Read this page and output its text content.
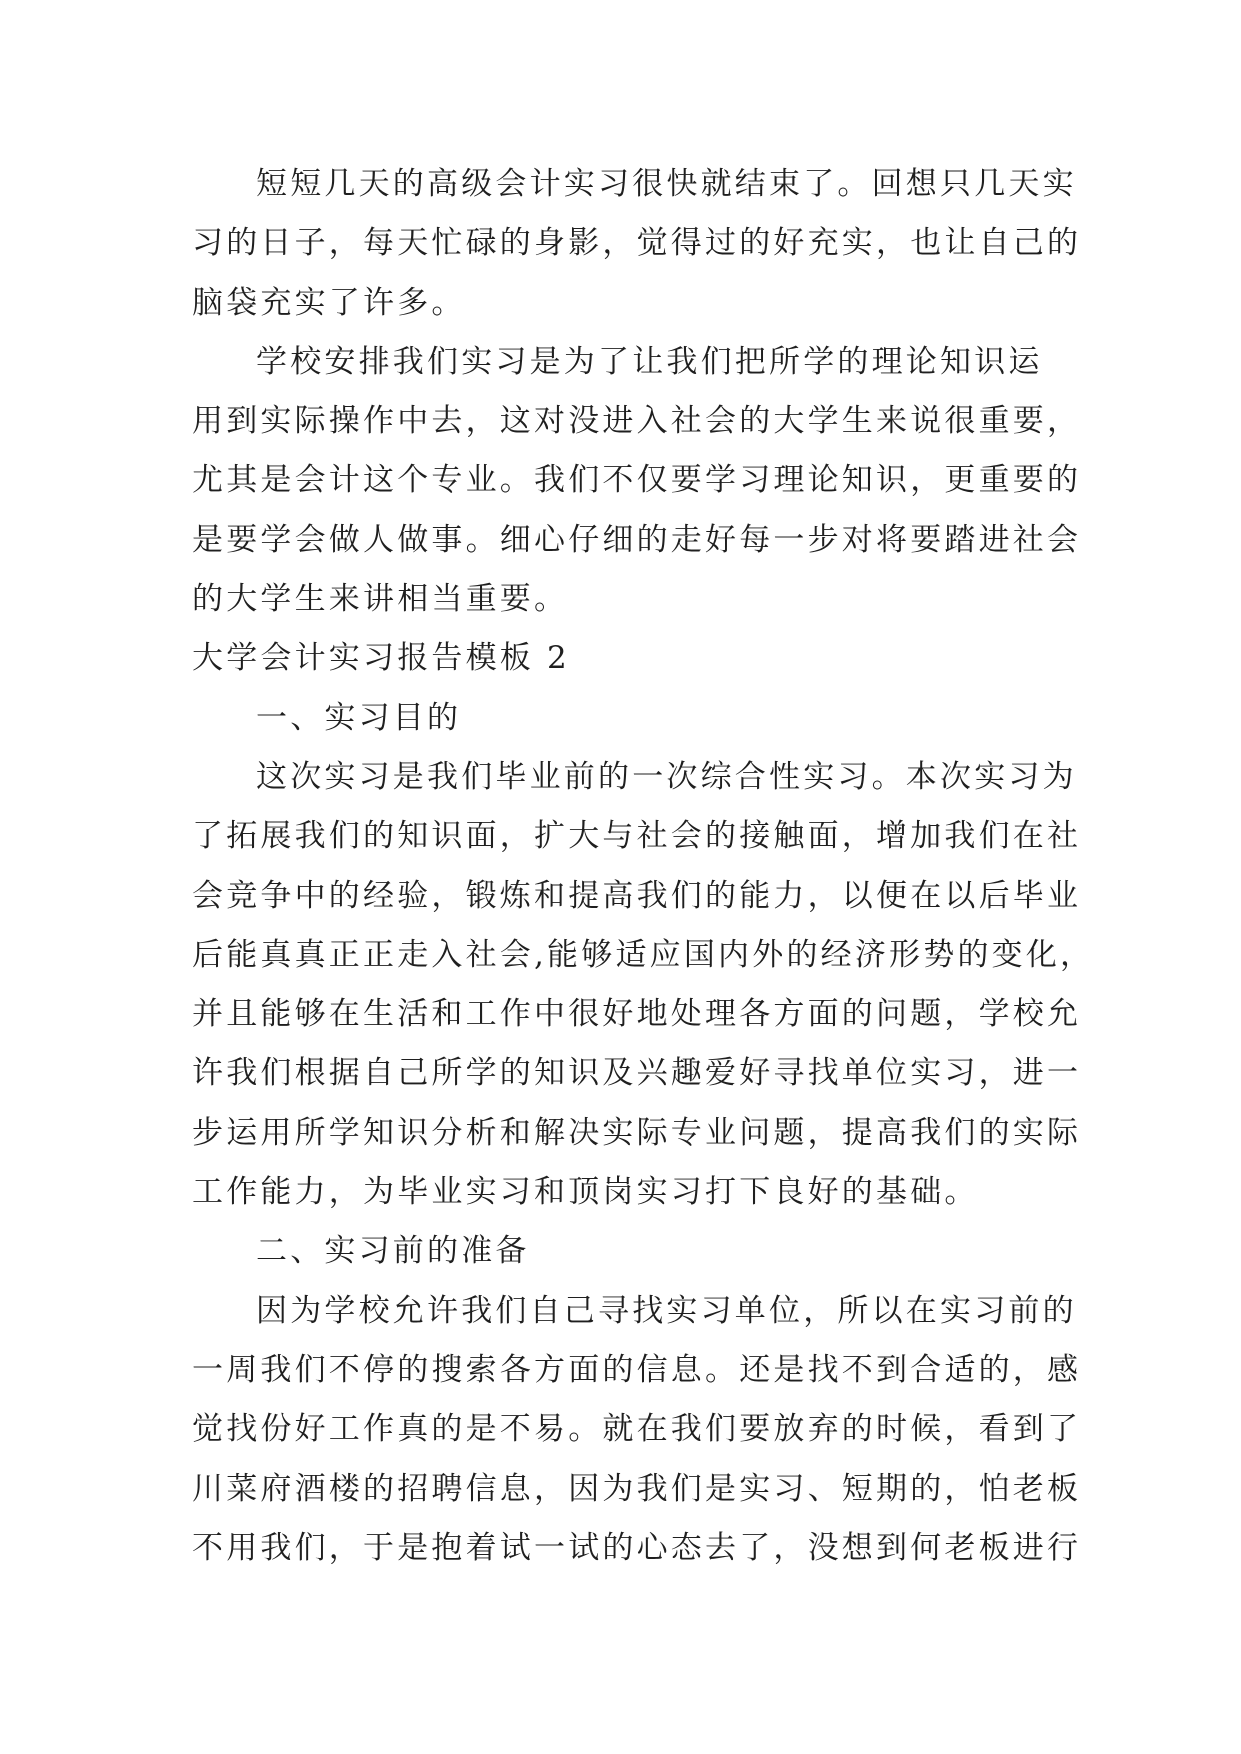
短短几天的高级会计实习很快就结束了。回想只几天实
习的日子，每天忙碌的身影，觉得过的好充实，也让自己的
脑袋充实了许多。
学校安排我们实习是为了让我们把所学的理论知识运
用到实际操作中去，这对没进入社会的大学生来说很重要，
尤其是会计这个专业。我们不仅要学习理论知识，更重要的
是要学会做人做事。细心仔细的走好每一步对将要踏进社会
的大学生来讲相当重要。
大学会计实习报告模板 2
一、实习目的
这次实习是我们毕业前的一次综合性实习。本次实习为
了拓展我们的知识面，扩大与社会的接触面，增加我们在社
会竞争中的经验，锻炼和提高我们的能力，以便在以后毕业
后能真真正正走入社会,能够适应国内外的经济形势的变化，
并且能够在生活和工作中很好地处理各方面的问题，学校允
许我们根据自己所学的知识及兴趣爱好寻找单位实习，进一
步运用所学知识分析和解决实际专业问题，提高我们的实际
工作能力，为毕业实习和顶岗实习打下良好的基础。
二、实习前的准备
因为学校允许我们自己寻找实习单位，所以在实习前的
一周我们不停的搜索各方面的信息。还是找不到合适的，感
觉找份好工作真的是不易。就在我们要放弃的时候，看到了
川菜府酒楼的招聘信息，因为我们是实习、短期的，怕老板
不用我们，于是抱着试一试的心态去了，没想到何老板进行
